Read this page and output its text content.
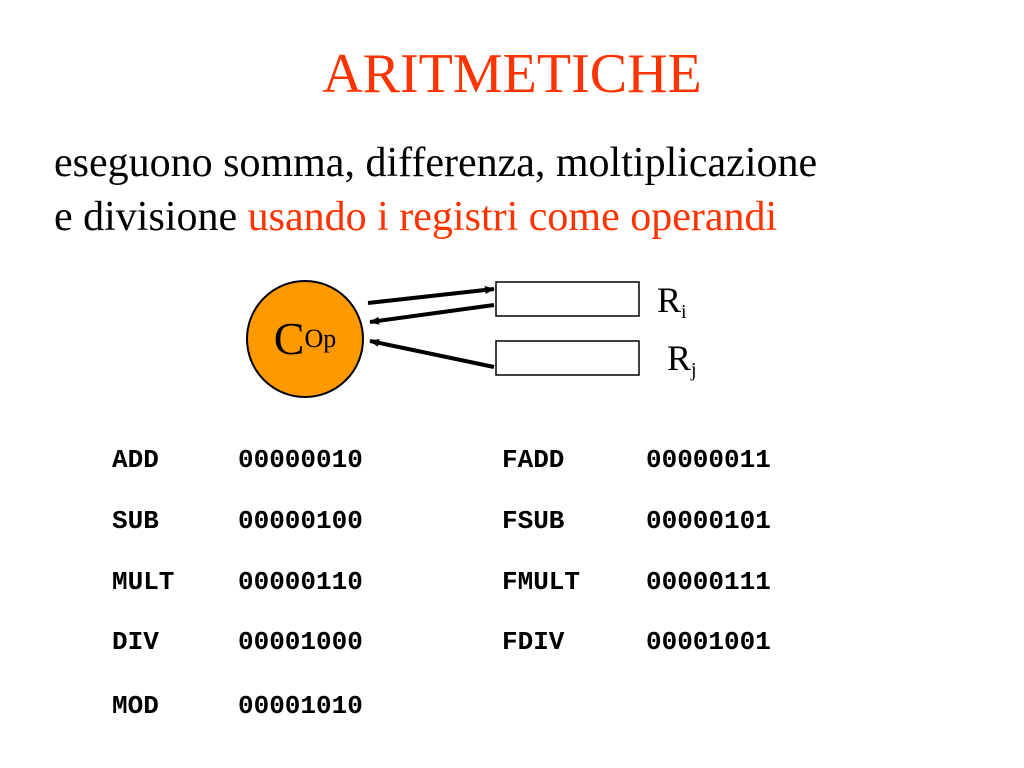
ARITMETICHE
eseguono somma, differenza, moltiplicazione
e divisione usando i registri come operandi
C Op
$R_i$
$R_j$
ADD	00000010	FADD	00000011
SUB	00000100	FSUB	00000101
MULT 00000110	FMULT	00000111
DIV	00001000	FDIV	00001001
MOD	00001010
